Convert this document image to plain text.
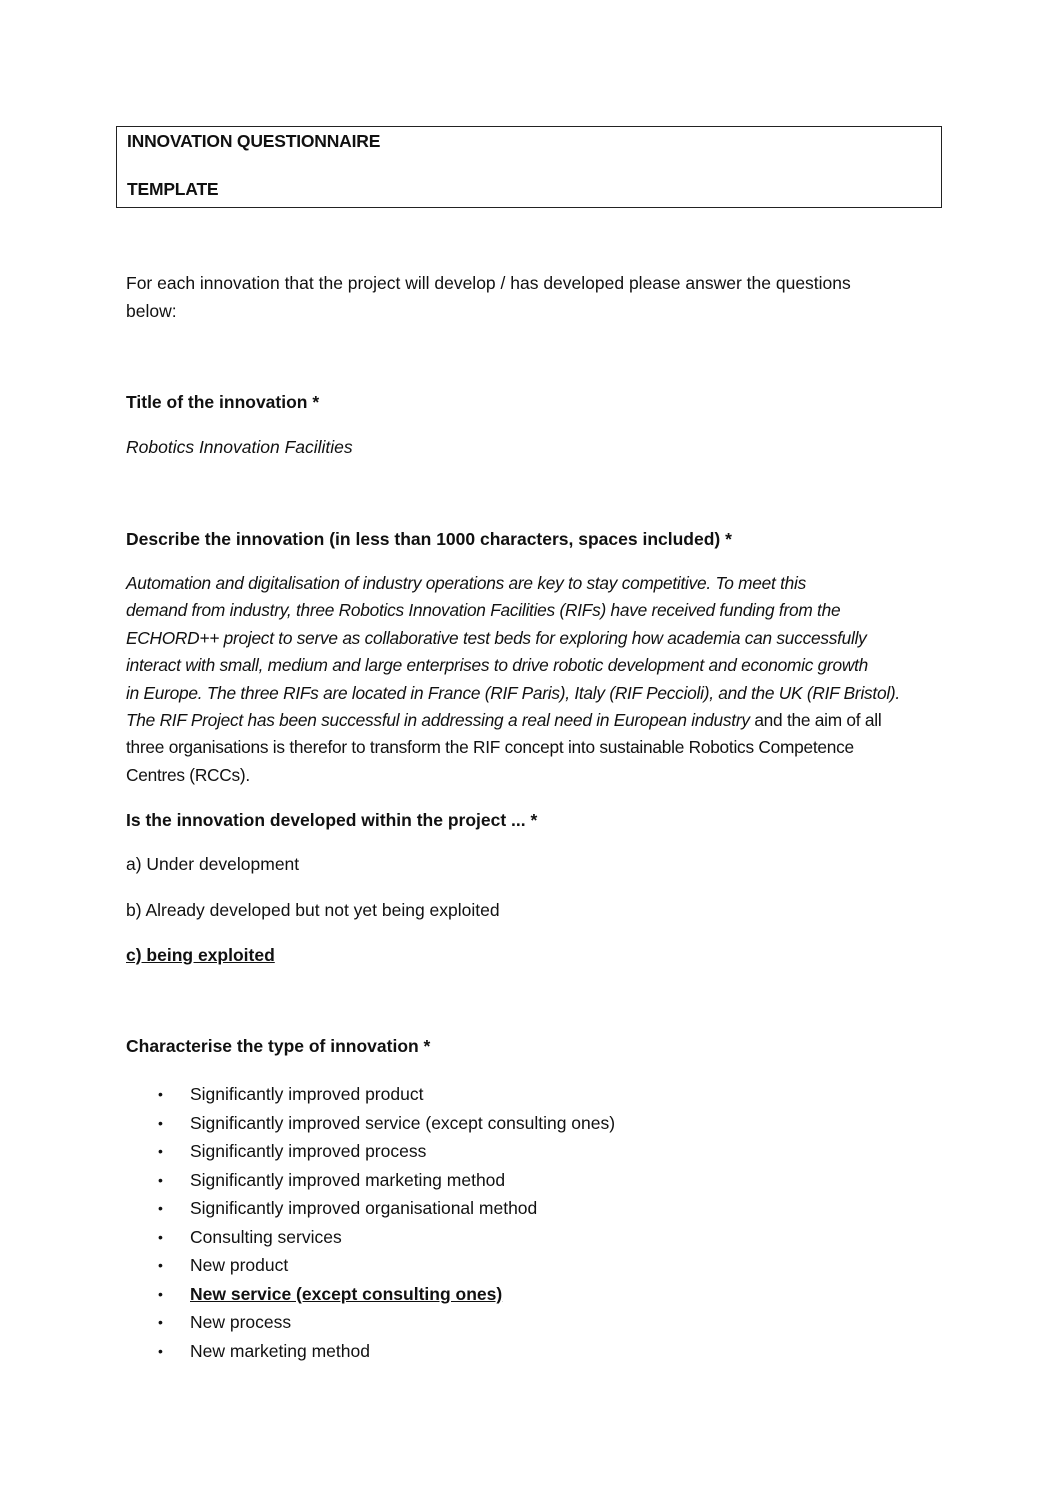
INNOVATION QUESTIONNAIRE
TEMPLATE
For each innovation that the project will develop / has developed please answer the questions
below:
Title of the innovation *
Robotics Innovation Facilities
Describe the innovation (in less than 1000 characters, spaces included) *
Automation and digitalisation of industry operations are key to stay competitive. To meet this
demand from industry, three Robotics Innovation Facilities (RIFs) have received funding from the
ECHORD++ project to serve as collaborative test beds for exploring how academia can successfully
interact with small, medium and large enterprises to drive robotic development and economic growth
in Europe. The three RIFs are located in France (RIF Paris), Italy (RIF Peccioli), and the UK (RIF Bristol).
The RIF Project has been successful in addressing a real need in European industry and the aim of all
three organisations is therefor to transform the RIF concept into sustainable Robotics Competence
Centres (RCCs).
Is the innovation developed within the project ... *
a) Under development
b) Already developed but not yet being exploited
c) being exploited
Characterise the type of innovation *
• Significantly improved product
• Significantly improved service (except consulting ones)
• Significantly improved process
• Significantly improved marketing method
• Significantly improved organisational method
• Consulting services
• New product
• New service (except consulting ones)
• New process
• New marketing method
